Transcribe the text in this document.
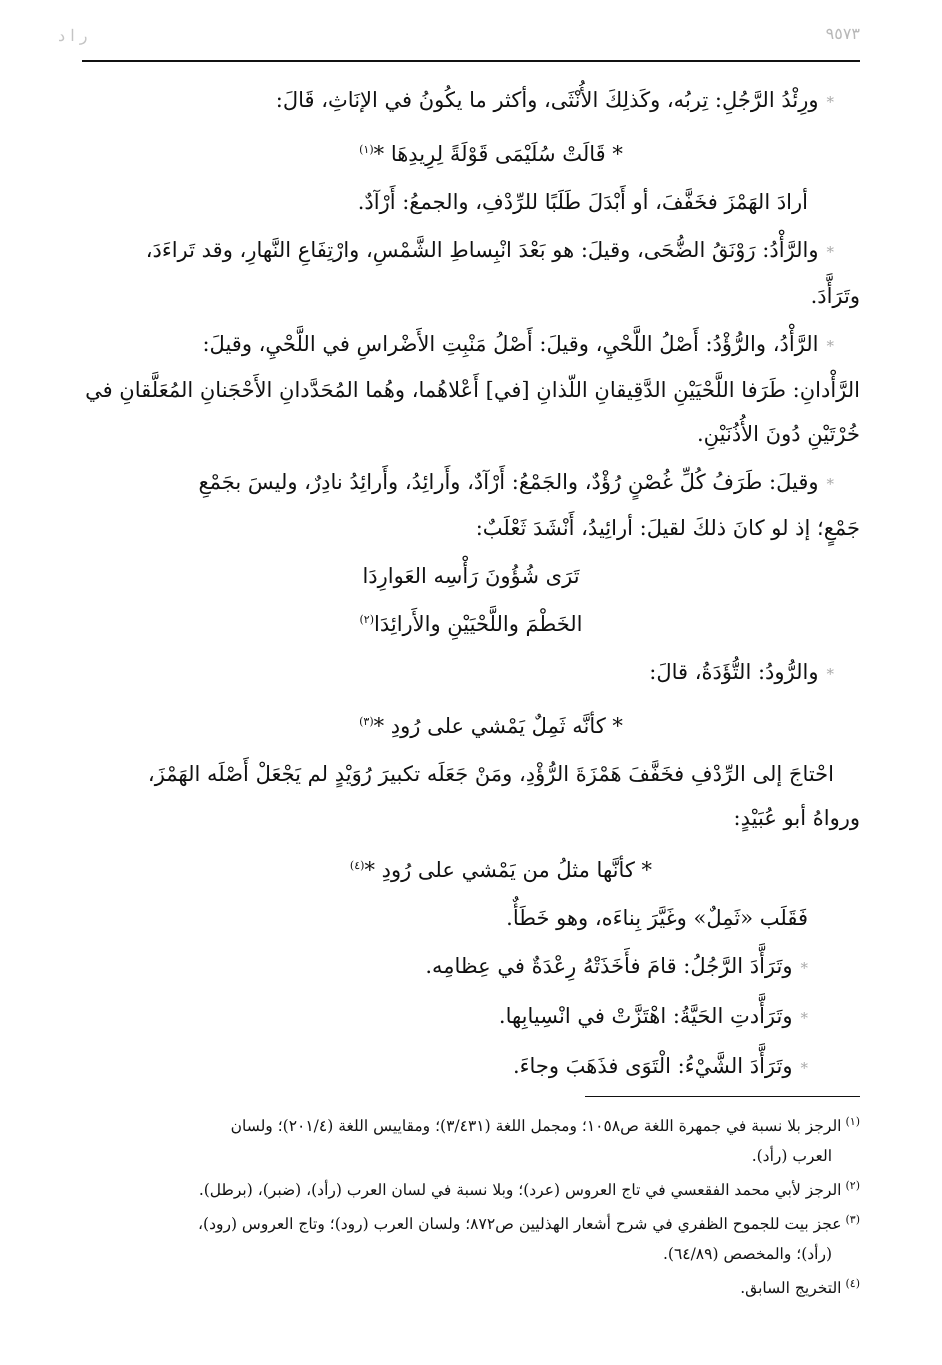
۹٥٧٣
ر ا د

*ورِئْدُ الرَّجُلِ: تِربُه، وكَذلِكَ الأُنْثَى، وأكثر ما يكُونُ في الإنَاثِ، قَالَ:

* قَالَتْ سُلَيْمَى قَوْلَةً لِرِيدِهَا *$^{(١)}$

أرادَ الهَمْزَ فخَفَّفَ، أو أَبْدَلَ طَلَبًا للرِّدْفِ، والجمعُ: أَرْآدٌ.

*والرَّأْدُ: رَوْنَقُ الضُّحَى، وقيلَ: هو بَعْدَ انْبِساطِ الشَّمْسِ، وارْتِفَاعِ النَّهارِ، وقد تَراءَدَ،

وتَرَأَّدَ.

*الرَّأْدُ، والرُّؤْدُ: أَصْلُ اللَّحْيِ، وقيلَ: أَصْلُ مَنْبِتِ الأَضْراسِ في اللَّحْيِ، وقيلَ:

الرَّأْدانِ: طَرَفا اللَّحْيَيْنِ الدَّقِيقانِ اللّذانِ [في] أَعْلاهُما، وهُما المُحَدَّدانِ الأَحْجَنانِ المُعَلَّقانِ في

خُرْتَيْنِ دُونَ الأُذُنَيْنِ.

*وقيلَ: طَرَفُ كُلِّ غُصْنٍ رُؤْدٌ، والجَمْعُ: أَرْآدٌ، وأَرائِدُ، وأَرائِدُ نادِرٌ، وليسَ بجَمْعِ

جَمْعٍ؛ إذ لو كانَ ذلكَ لقيلَ: أرائِيدُ، أَنْشَدَ ثَعْلَبٌ:

تَرَى شُؤُونَ رَأْسِه العَوارِدَا

الخَطْمَ واللَّحْيَيْنِ والأَرائِدَا$^{(٢)}$

*والرُّودُ: التُّؤَدَةُ، قالَ:

* كأنَّه ثَمِلٌ يَمْشي على رُودِ *$^{(٣)}$

احْتاجَ إلى الرِّدْفِ فخَفَّفَ هَمْزَةَ الرُّؤْدِ، ومَنْ جَعَلَه تكبيرَ رُوَيْدٍ لم يَجْعَلْ أَصْلَه الهَمْزَ،

ورواهُ أبو عُبَيْدٍ:

* كأنَّها مثلُ من يَمْشي على رُودِ *$^{(٤)}$

فَقَلَب «ثَمِلٌ» وغَيَّرَ بِناءَه، وهو خَطَأٌ.

*وتَرَأَّدَ الرَّجُلُ: قامَ فأَخَذَتْهُ رِعْدَةٌ في عِظامِه.

*وتَرَأَّدتِ الحَيَّةُ: اهْتَزَّتْ في انْسِيابِها.

*وتَرَأَّدَ الشَّيْءُ: الْتَوَى فذَهَبَ وجاءَ.

$^{(١)}$الرجز بلا نسبة في جمهرة اللغة ص١٠٥٨؛ ومجمل اللغة (٣/٤٣١)؛ ومقاييس اللغة (٢٠١/٤)؛ ولسان

العرب (رأد).

$^{(٢)}$الرجز لأبي محمد الفقعسي في تاج العروس (عرد)؛ وبلا نسبة في لسان العرب (رأد)، (ضبر)، (برطل).

$^{(٣)}$عجز بيت للجموح الظفري في شرح أشعار الهذليين ص٨٧٢؛ ولسان العرب (رود)؛ وتاج العروس (رود)،

(رأد)؛ والمخصص (٦٤/٨٩).

$^{(٤)}$التخريج السابق.
